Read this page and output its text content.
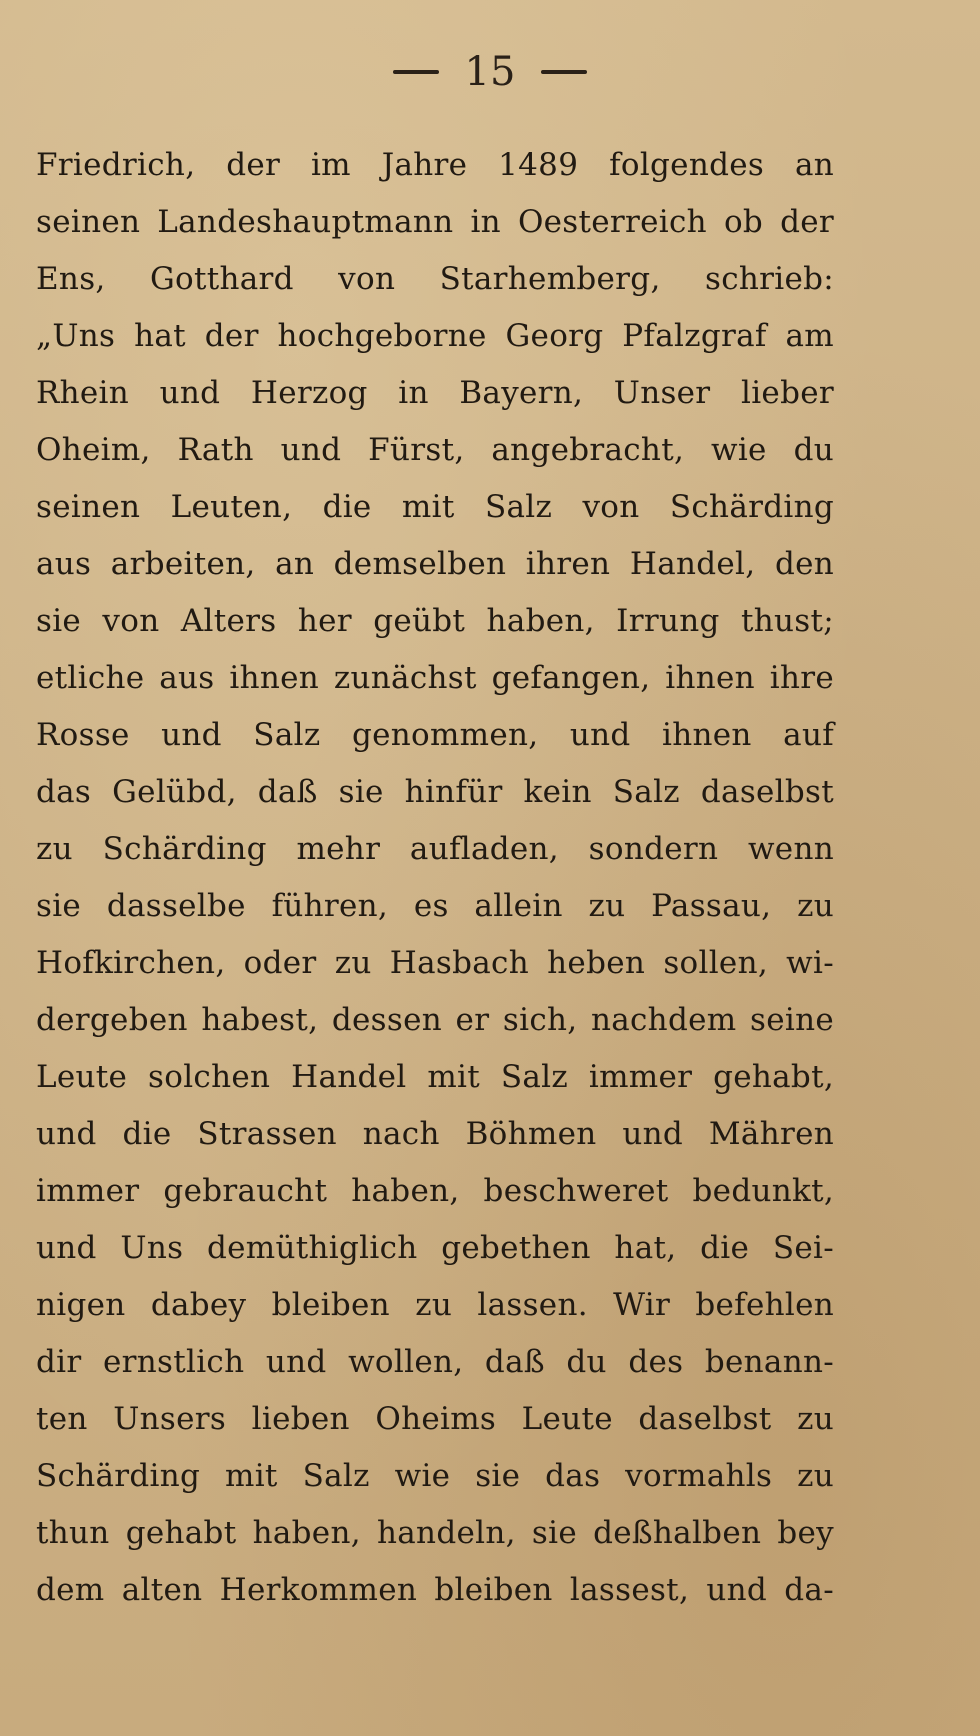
15
Friedrich, der im Jahre 1489 folgendes an
seinen Landeshauptmann in Oesterreich ob der
Ens, Gotthard von Starhemberg, schrieb:
„Uns hat der hochgeborne Georg Pfalzgraf am
Rhein und Herzog in Bayern, Unser lieber
Oheim, Rath und Fürst, angebracht, wie du
seinen Leuten, die mit Salz von Schärding
aus arbeiten, an demselben ihren Handel, den
sie von Alters her geübt haben, Irrung thust;
etliche aus ihnen zunächst gefangen, ihnen ihre
Rosse und Salz genommen, und ihnen auf
das Gelübd, daß sie hinfür kein Salz daselbst
zu Schärding mehr aufladen, sondern wenn
sie dasselbe führen, es allein zu Passau, zu
Hofkirchen, oder zu Hasbach heben sollen, wi-
dergeben habest, dessen er sich, nachdem seine
Leute solchen Handel mit Salz immer gehabt,
und die Strassen nach Böhmen und Mähren
immer gebraucht haben, beschweret bedunkt,
und Uns demüthiglich gebethen hat, die Sei-
nigen dabey bleiben zu lassen. Wir befehlen
dir ernstlich und wollen, daß du des benann-
ten Unsers lieben Oheims Leute daselbst zu
Schärding mit Salz wie sie das vormahls zu
thun gehabt haben, handeln, sie deßhalben bey
dem alten Herkommen bleiben lassest, und da-
